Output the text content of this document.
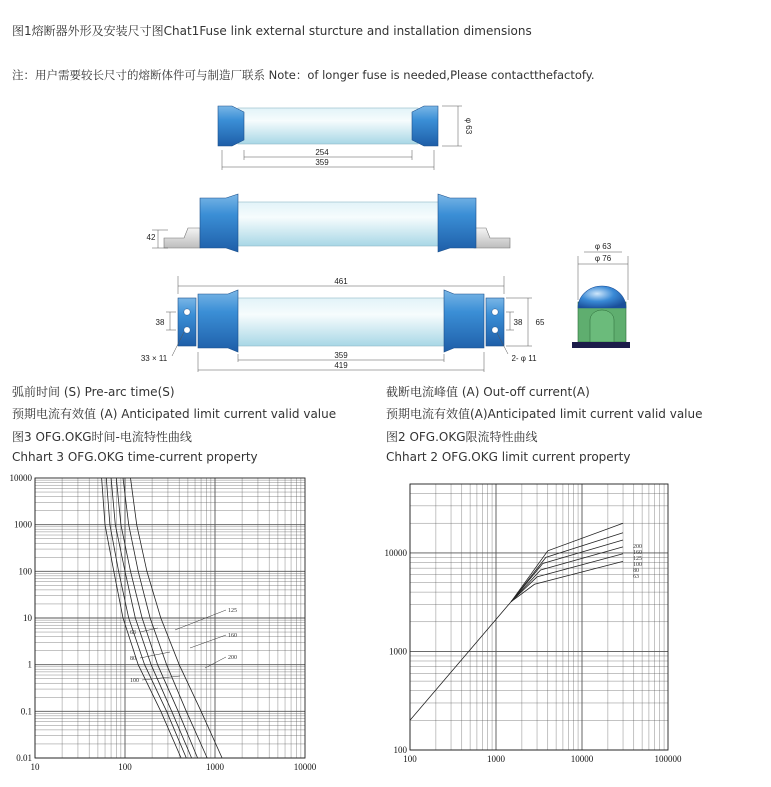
图1熔断器外形及安装尺寸图Chat1Fuse link external sturcture and installation dimensions
注：用户需要较长尺寸的熔断体件可与制造厂联系 Note：of longer fuse is needed,Please contactthefactofy.
254
359
φ 63
42
461
359
419
38	38 65
33 × 11	2- φ 11
φ 63
φ 76
弧前时间 (S) Pre-arc time(S)
预期电流有效值 (A) Anticipated limit current valid value
图3 OFG.OKG时间-电流特性曲线
Chhart 3 OFG.OKG time-current property
截断电流峰值 (A) Out-off current(A)
预期电流有效值(A)Anticipated limit current valid value
图2 OFG.OKG限流特性曲线
Chhart 2 OFG.OKG limit current property
10	100	1000	10000
10000
1000
100
10
1
0.1
0.01
125
63	160
80	200
100
100	1000	10000	100000
10000
1000
100
200
160
125
100
80
63
